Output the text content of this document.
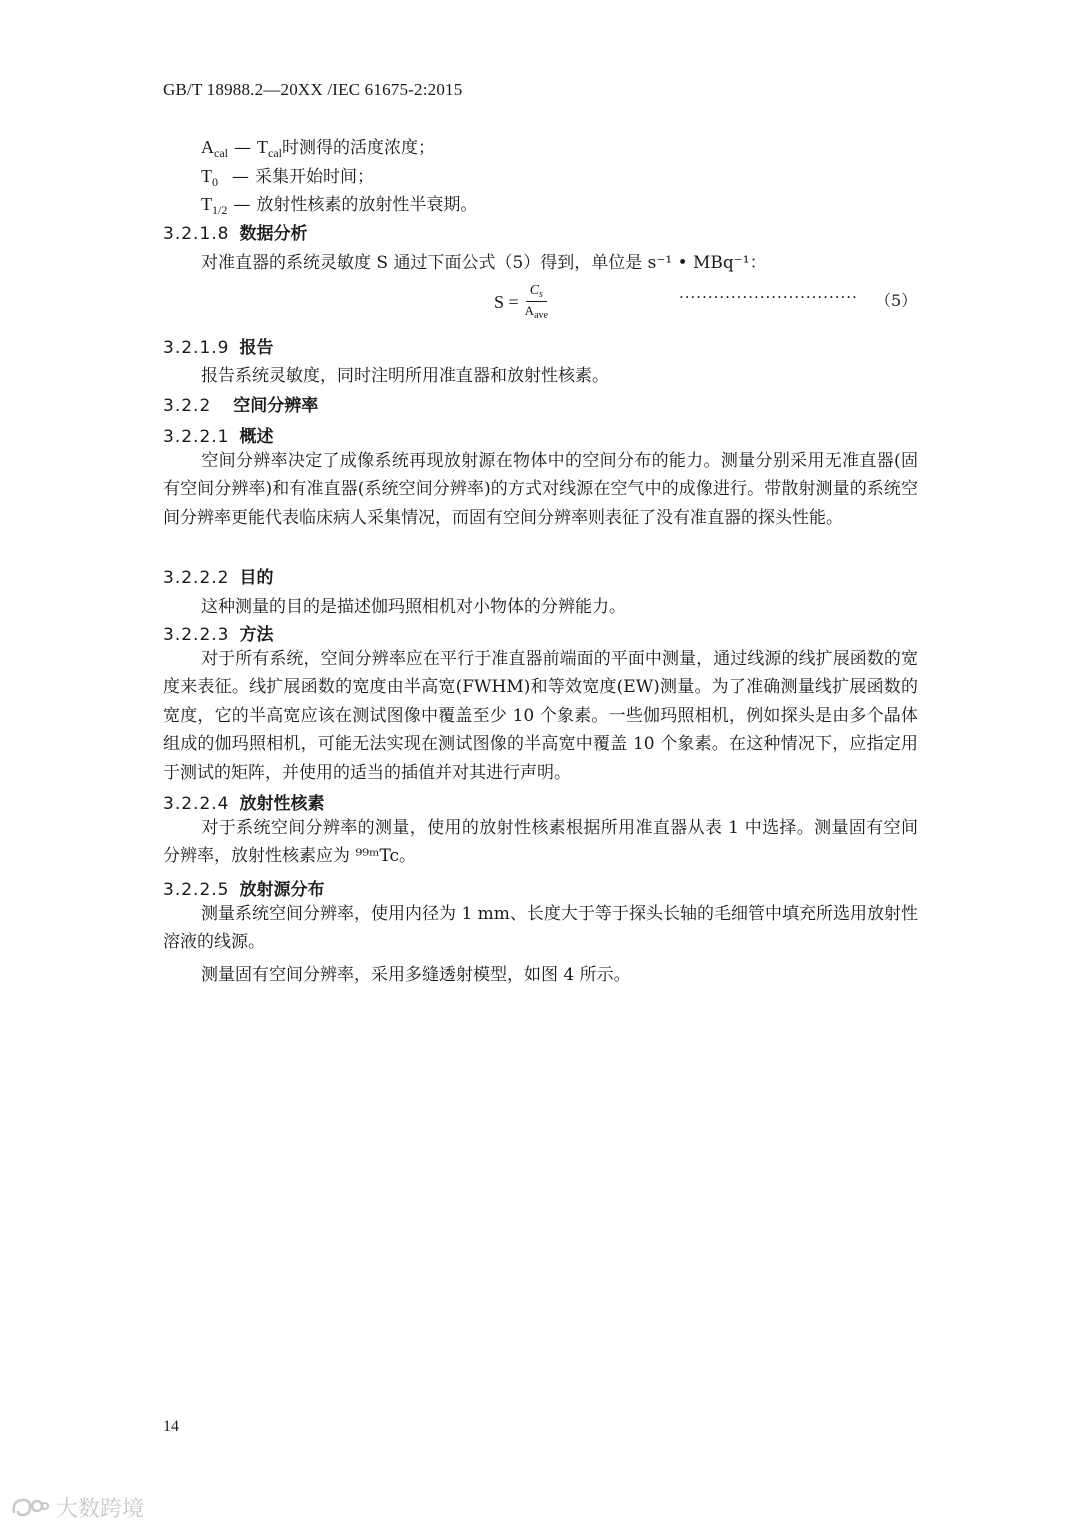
GB/T 18988.2—20XX /IEC 61675-2:2015
$A_{cal}$ — $T_{cal}$ 时测得的活度浓度；
$T_0$ — 采集开始时间；
$T_{1/2}$ — 放射性核素的放射性半衰期。
3.2.1.8 数据分析
对准直器的系统灵敏度 S 通过下面公式（5）得到，单位是 s⁻¹ • MBq⁻¹：
$S = \frac{C_s}{A_{ave}}$	······························· （5）
3.2.1.9 报告
报告系统灵敏度，同时注明所用准直器和放射性核素。
3.2.2 空间分辨率
3.2.2.1 概述
空间分辨率决定了成像系统再现放射源在物体中的空间分布的能力。测量分别采用无准直器(固有空间分辨率)和有准直器(系统空间分辨率)的方式对线源在空气中的成像进行。带散射测量的系统空间分辨率更能代表临床病人采集情况，而固有空间分辨率则表征了没有准直器的探头性能。
3.2.2.2 目的
这种测量的目的是描述伽玛照相机对小物体的分辨能力。
3.2.2.3 方法
对于所有系统，空间分辨率应在平行于准直器前端面的平面中测量，通过线源的线扩展函数的宽度来表征。线扩展函数的宽度由半高宽(FWHM)和等效宽度(EW)测量。为了准确测量线扩展函数的宽度，它的半高宽应该在测试图像中覆盖至少 10 个象素。一些伽玛照相机，例如探头是由多个晶体组成的伽玛照相机，可能无法实现在测试图像的半高宽中覆盖 10 个象素。在这种情况下，应指定用于测试的矩阵，并使用的适当的插值并对其进行声明。
3.2.2.4 放射性核素
对于系统空间分辨率的测量，使用的放射性核素根据所用准直器从表 1 中选择。测量固有空间分辨率，放射性核素应为 ⁹⁹ᵐTc。
3.2.2.5 放射源分布
测量系统空间分辨率，使用内径为 1 mm、长度大于等于探头长轴的毛细管中填充所选用放射性溶液的线源。
测量固有空间分辨率，采用多缝透射模型，如图 4 所示。
14
大数跨境
